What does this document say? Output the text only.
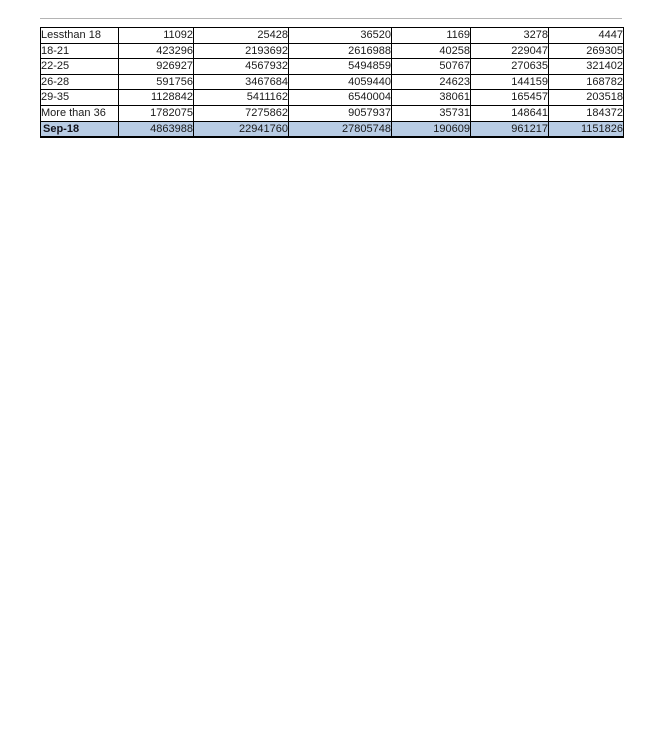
Lessthan 18	11092	25428	36520	1169	3278	4447
18-21	423296	2193692	2616988	40258	229047	269305
22-25	926927	4567932	5494859	50767	270635	321402
26-28	591756	3467684	4059440	24623	144159	168782
29-35	1128842	5411162	6540004	38061	165457	203518
More than 36	1782075	7275862	9057937	35731	148641	184372
Sep-18	4863988	22941760	27805748	190609	961217	1151826
